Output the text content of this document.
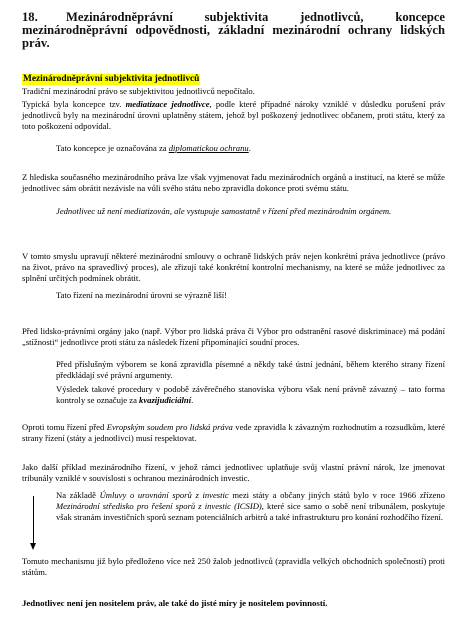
18. Mezinárodněprávní subjektivita jednotlivců, koncepce mezinárodněprávní odpovědnosti, základní mezinárodní ochrany lidských práv.
Mezinárodněprávní subjektivita jednotlivců
Tradiční mezinárodní právo se subjektivitou jednotlivců nepočítalo.
Typická byla koncepce tzv. mediatizace jednotlivce, podle které případné nároky vzniklé v důsledku porušení práv jednotlivců byly na mezinárodní úrovni uplatněny státem, jehož byl poškozený jednotlivec občanem, proti státu, který za toto poškození odpovídal.
Tato koncepce je označována za diplomatickou ochranu.
Z hlediska současného mezinárodního práva lze však vyjmenovat řadu mezinárodních orgánů a institucí, na které se může jednotlivec sám obrátit nezávisle na vůli svého státu nebo zpravidla dokonce proti svému státu.
Jednotlivec už není mediatizován, ale vystupuje samostatně v řízení před mezinárodním orgánem.
V tomto smyslu upravují některé mezinárodní smlouvy o ochraně lidských práv nejen konkrétní práva jednotlivce (právo na život, právo na spravedlivý proces), ale zřizují také konkrétní kontrolní mechanismy, na které se může jednotlivec za splnění určitých podmínek obrátit.
Tato řízení na mezinárodní úrovni se výrazně liší!
Před lidsko-právními orgány jako (např. Výbor pro lidská práva či Výbor pro odstranění rasové diskriminace) má podání „stížnosti“ jednotlivce proti státu za následek řízení připomínající soudní proces.
Před příslušným výborem se koná zpravidla písemné a někdy také ústní jednání, během kterého strany řízení předkládají své právní argumenty.
Výsledek takové procedury v podobě závěrečného stanoviska výboru však není právně závazný – tato forma kontroly se označuje za kvazijudiciální.
Oproti tomu řízení před Evropským soudem pro lidská práva vede zpravidla k závazným rozhodnutím a rozsudkům, které strany řízení (státy a jednotlivci) musí respektovat.
Jako další příklad mezinárodního řízení, v jehož rámci jednotlivec uplatňuje svůj vlastní právní nárok, lze jmenovat tribunály vzniklé v souvislosti s ochranou mezinárodních investic.
Na základě Úmluvy o urovnání sporů z investic mezi státy a občany jiných států bylo v roce 1966 zřízeno Mezinárodní středisko pro řešení sporů z investic (ICSID), které sice samo o sobě není tribunálem, poskytuje však stranám investičních sporů seznam potenciálních arbitrů a také infrastrukturu pro konání rozhodčího řízení.
Tomuto mechanismu již bylo předloženo více než 250 žalob jednotlivců (zpravidla velkých obchodních společností) proti státům.
Jednotlivec není jen nositelem práv, ale také do jisté míry je nositelem povinností.
